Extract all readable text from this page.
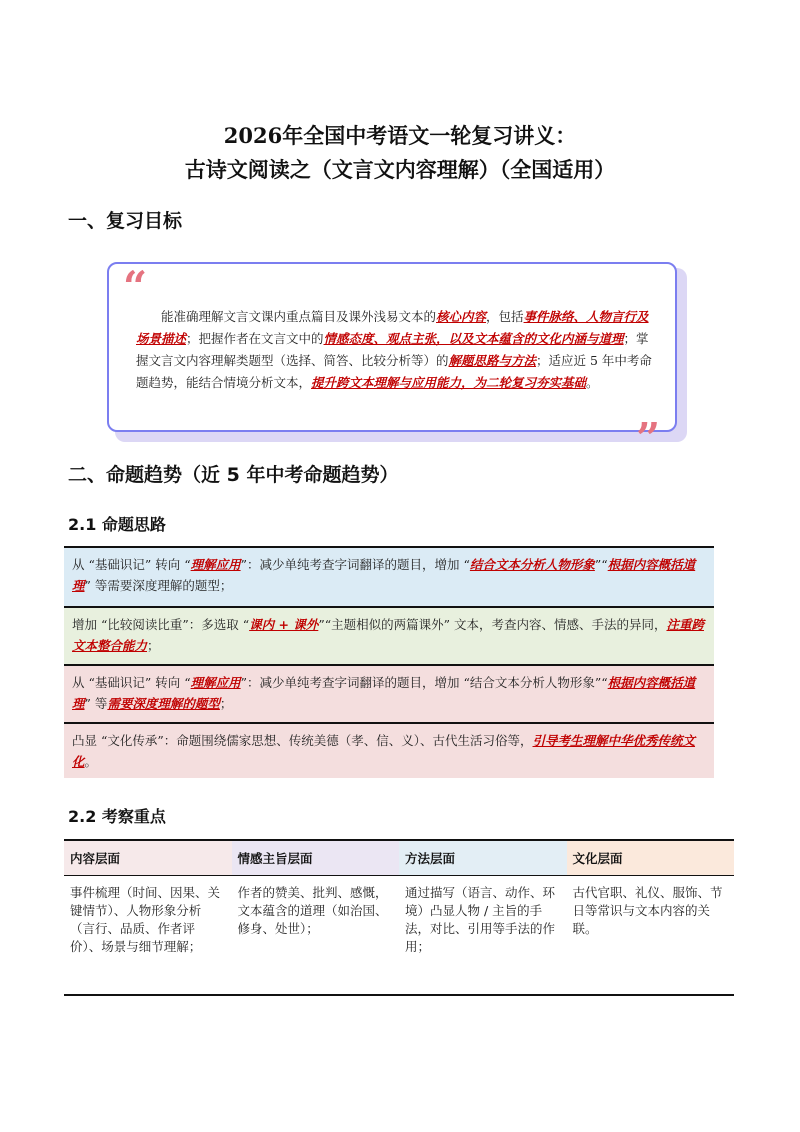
2026年全国中考语文一轮复习讲义：
古诗文阅读之（文言文内容理解）（全国适用）
一、复习目标
“
”
能准确理解文言文课内重点篇目及课外浅易文本的核心内容，包括事件脉络、人物言行及场景描述；把握作者在文言文中的情感态度、观点主张，以及文本蕴含的文化内涵与道理；掌握文言文内容理解类题型（选择、简答、比较分析等）的解题思路与方法；适应近 5 年中考命题趋势，能结合情境分析文本，提升跨文本理解与应用能力，为二轮复习夯实基础。
二、命题趋势（近 5 年中考命题趋势）
2.1 命题思路
从 “基础识记” 转向 “理解应用”：减少单纯考查字词翻译的题目，增加 “结合文本分析人物形象”“根据内容概括道理” 等需要深度理解的题型；
增加 “比较阅读比重”：多选取 “课内 + 课外”“主题相似的两篇课外” 文本，考查内容、情感、手法的异同，注重跨文本整合能力；
从 “基础识记” 转向 “理解应用”：减少单纯考查字词翻译的题目，增加 “结合文本分析人物形象”“根据内容概括道理” 等需要深度理解的题型；
凸显 “文化传承”：命题围绕儒家思想、传统美德（孝、信、义）、古代生活习俗等，引导考生理解中华优秀传统文化。
2.2 考察重点
内容层面	情感主旨层面	方法层面	文化层面
事件梳理（时间、因果、关键情节）、人物形象分析（言行、品质、作者评价）、场景与细节理解；	作者的赞美、批判、感慨，文本蕴含的道理（如治国、修身、处世）；	通过描写（语言、动作、环境）凸显人物 / 主旨的手法，对比、引用等手法的作用；	古代官职、礼仪、服饰、节日等常识与文本内容的关联。
